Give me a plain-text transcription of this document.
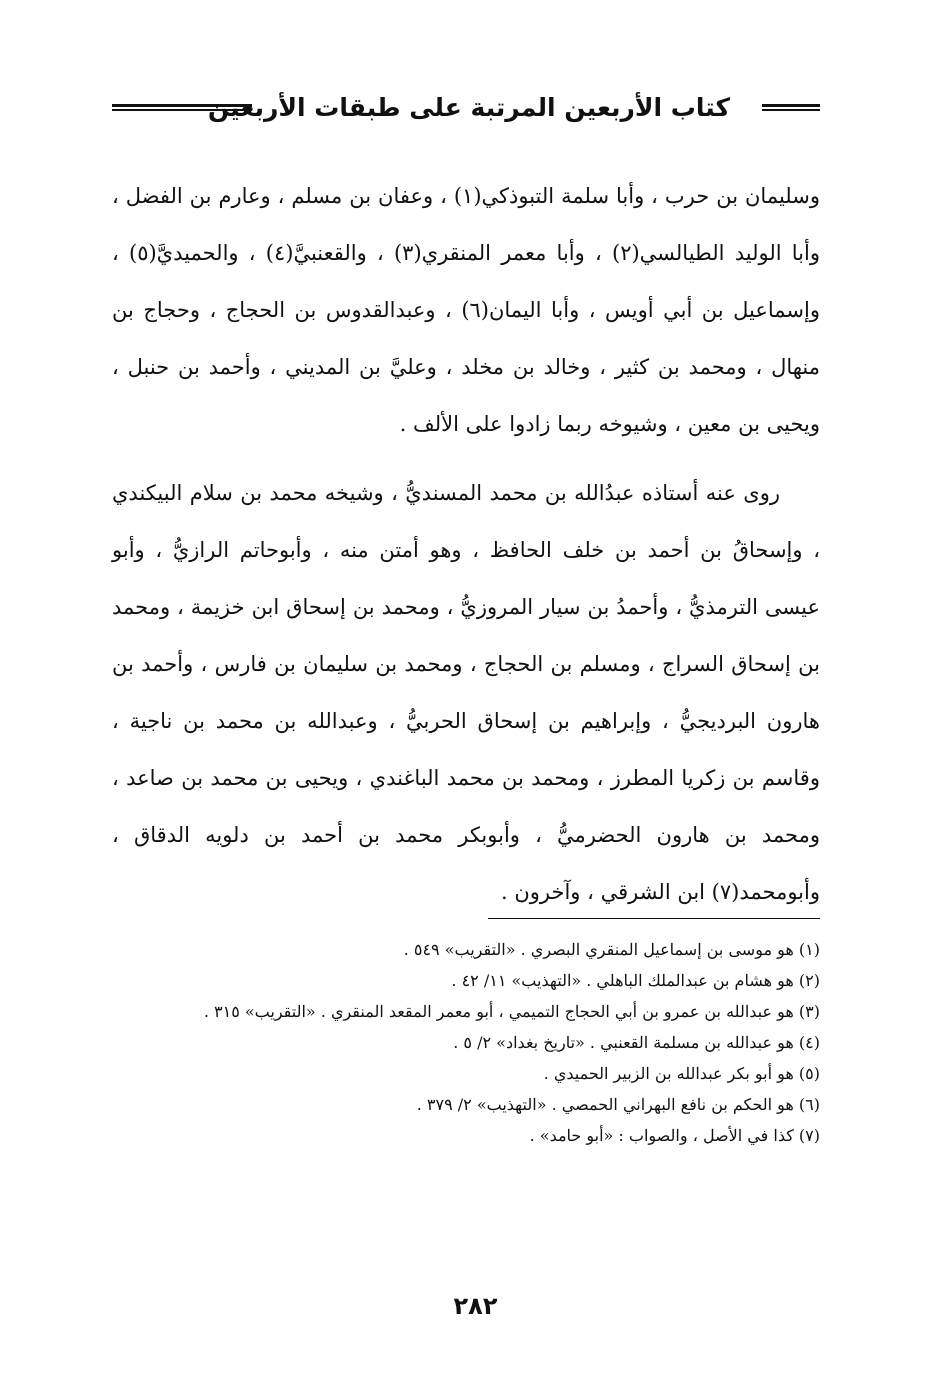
كتاب الأربعين المرتبة على طبقات الأربعين

وسليمان بن حرب ، وأبا سلمة التبوذكي(١) ، وعفان بن مسلم ، وعارم بن الفضل ، وأبا الوليد الطيالسي(٢) ، وأبا معمر المنقري(٣) ، والقعنبيَّ(٤) ، والحميديَّ(٥) ، وإسماعيل بن أبي أويس ، وأبا اليمان(٦) ، وعبدالقدوس بن الحجاج ، وحجاج بن منهال ، ومحمد بن كثير ، وخالد بن مخلد ، وعليَّ بن المديني ، وأحمد بن حنبل ، ويحيى بن معين ، وشيوخه ربما زادوا على الألف .

روى عنه أستاذه عبدُالله بن محمد المسنديُّ ، وشيخه محمد بن سلام البيكندي ، وإسحاقُ بن أحمد بن خلف الحافظ ، وهو أمتن منه ، وأبوحاتم الرازيُّ ، وأبو عيسى الترمذيُّ ، وأحمدُ بن سيار المروزيُّ ، ومحمد بن إسحاق ابن خزيمة ، ومحمد بن إسحاق السراج ، ومسلم بن الحجاج ، ومحمد بن سليمان بن فارس ، وأحمد بن هارون البرديجيُّ ، وإبراهيم بن إسحاق الحربيُّ ، وعبدالله بن محمد بن ناجية ، وقاسم بن زكريا المطرز ، ومحمد بن محمد الباغندي ، ويحيى بن محمد بن صاعد ، ومحمد بن هارون الحضرميُّ ، وأبوبكر محمد بن أحمد بن دلويه الدقاق ، وأبومحمد(٧) ابن الشرقي ، وآخرون .

(١) هو موسى بن إسماعيل المنقري البصري . «التقريب» ٥٤٩ .

(٢) هو هشام بن عبدالملك الباهلي . «التهذيب» ١١/ ٤٢ .

(٣) هو عبدالله بن عمرو بن أبي الحجاج التميمي ، أبو معمر المقعد المنقري . «التقريب» ٣١٥ .

(٤) هو عبدالله بن مسلمة القعنبي . «تاريخ بغداد» ٢/ ٥ .

(٥) هو أبو بكر عبدالله بن الزبير الحميدي .

(٦) هو الحكم بن نافع البهراني الحمصي . «التهذيب» ٢/ ٣٧٩ .

(٧) كذا في الأصل ، والصواب : «أبو حامد» .

٢٨٢
